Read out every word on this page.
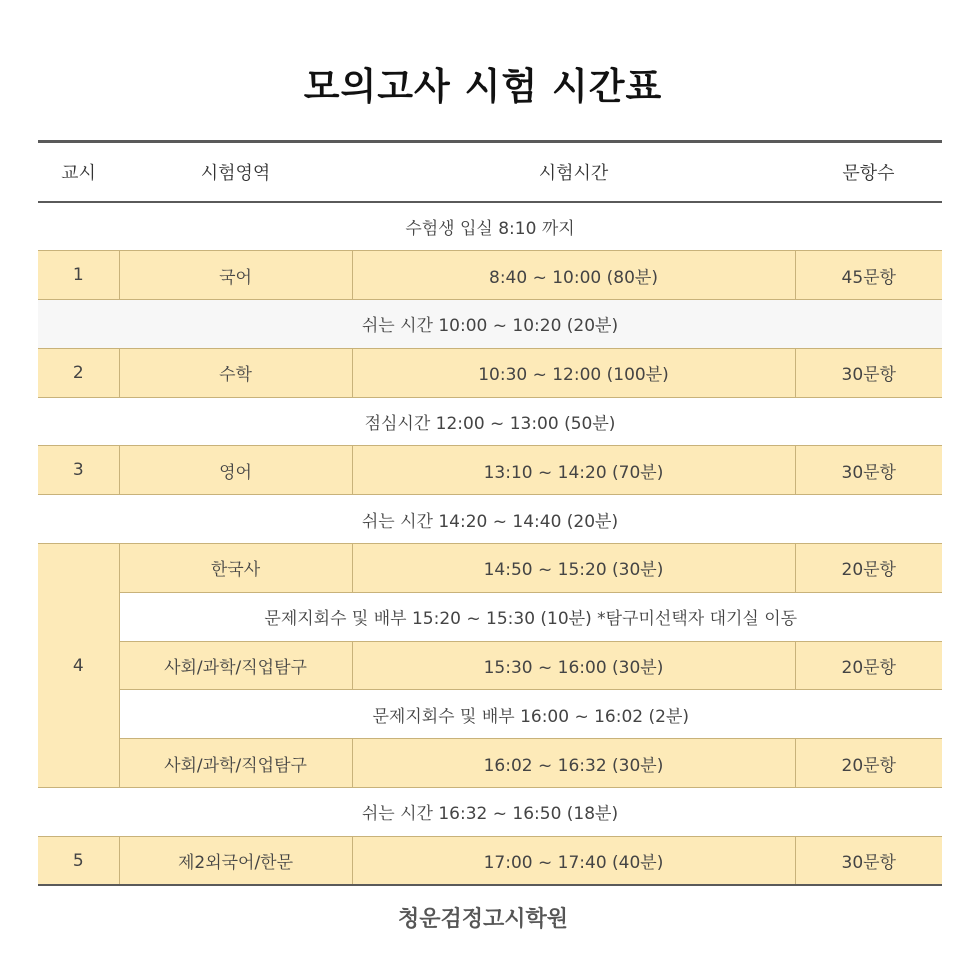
모의고사 시험 시간표
교시	시험영역	시험시간	문항수
수험생 입실 8:10 까지			
1	국어	8:40 ~ 10:00 (80분)	45문항
쉬는 시간 10:00 ~ 10:20 (20분)			
2	수학	10:30 ~ 12:00 (100분)	30문항
점심시간 12:00 ~ 13:00 (50분)			
3	영어	13:10 ~ 14:20 (70분)	30문항
쉬는 시간 14:20 ~ 14:40 (20분)			
4	한국사	14:50 ~ 15:20 (30분)	20문항
	문제지회수 및 배부 15:20 ~ 15:30 (10분) *탐구미선택자 대기실 이동		
	사회/과학/직업탐구	15:30 ~ 16:00 (30분)	20문항
	문제지회수 및 배부 16:00 ~ 16:02 (2분)		
	사회/과학/직업탐구	16:02 ~ 16:32 (30분)	20문항
쉬는 시간 16:32 ~ 16:50 (18분)			
5	제2외국어/한문	17:00 ~ 17:40 (40분)	30문항
청운검정고시학원
